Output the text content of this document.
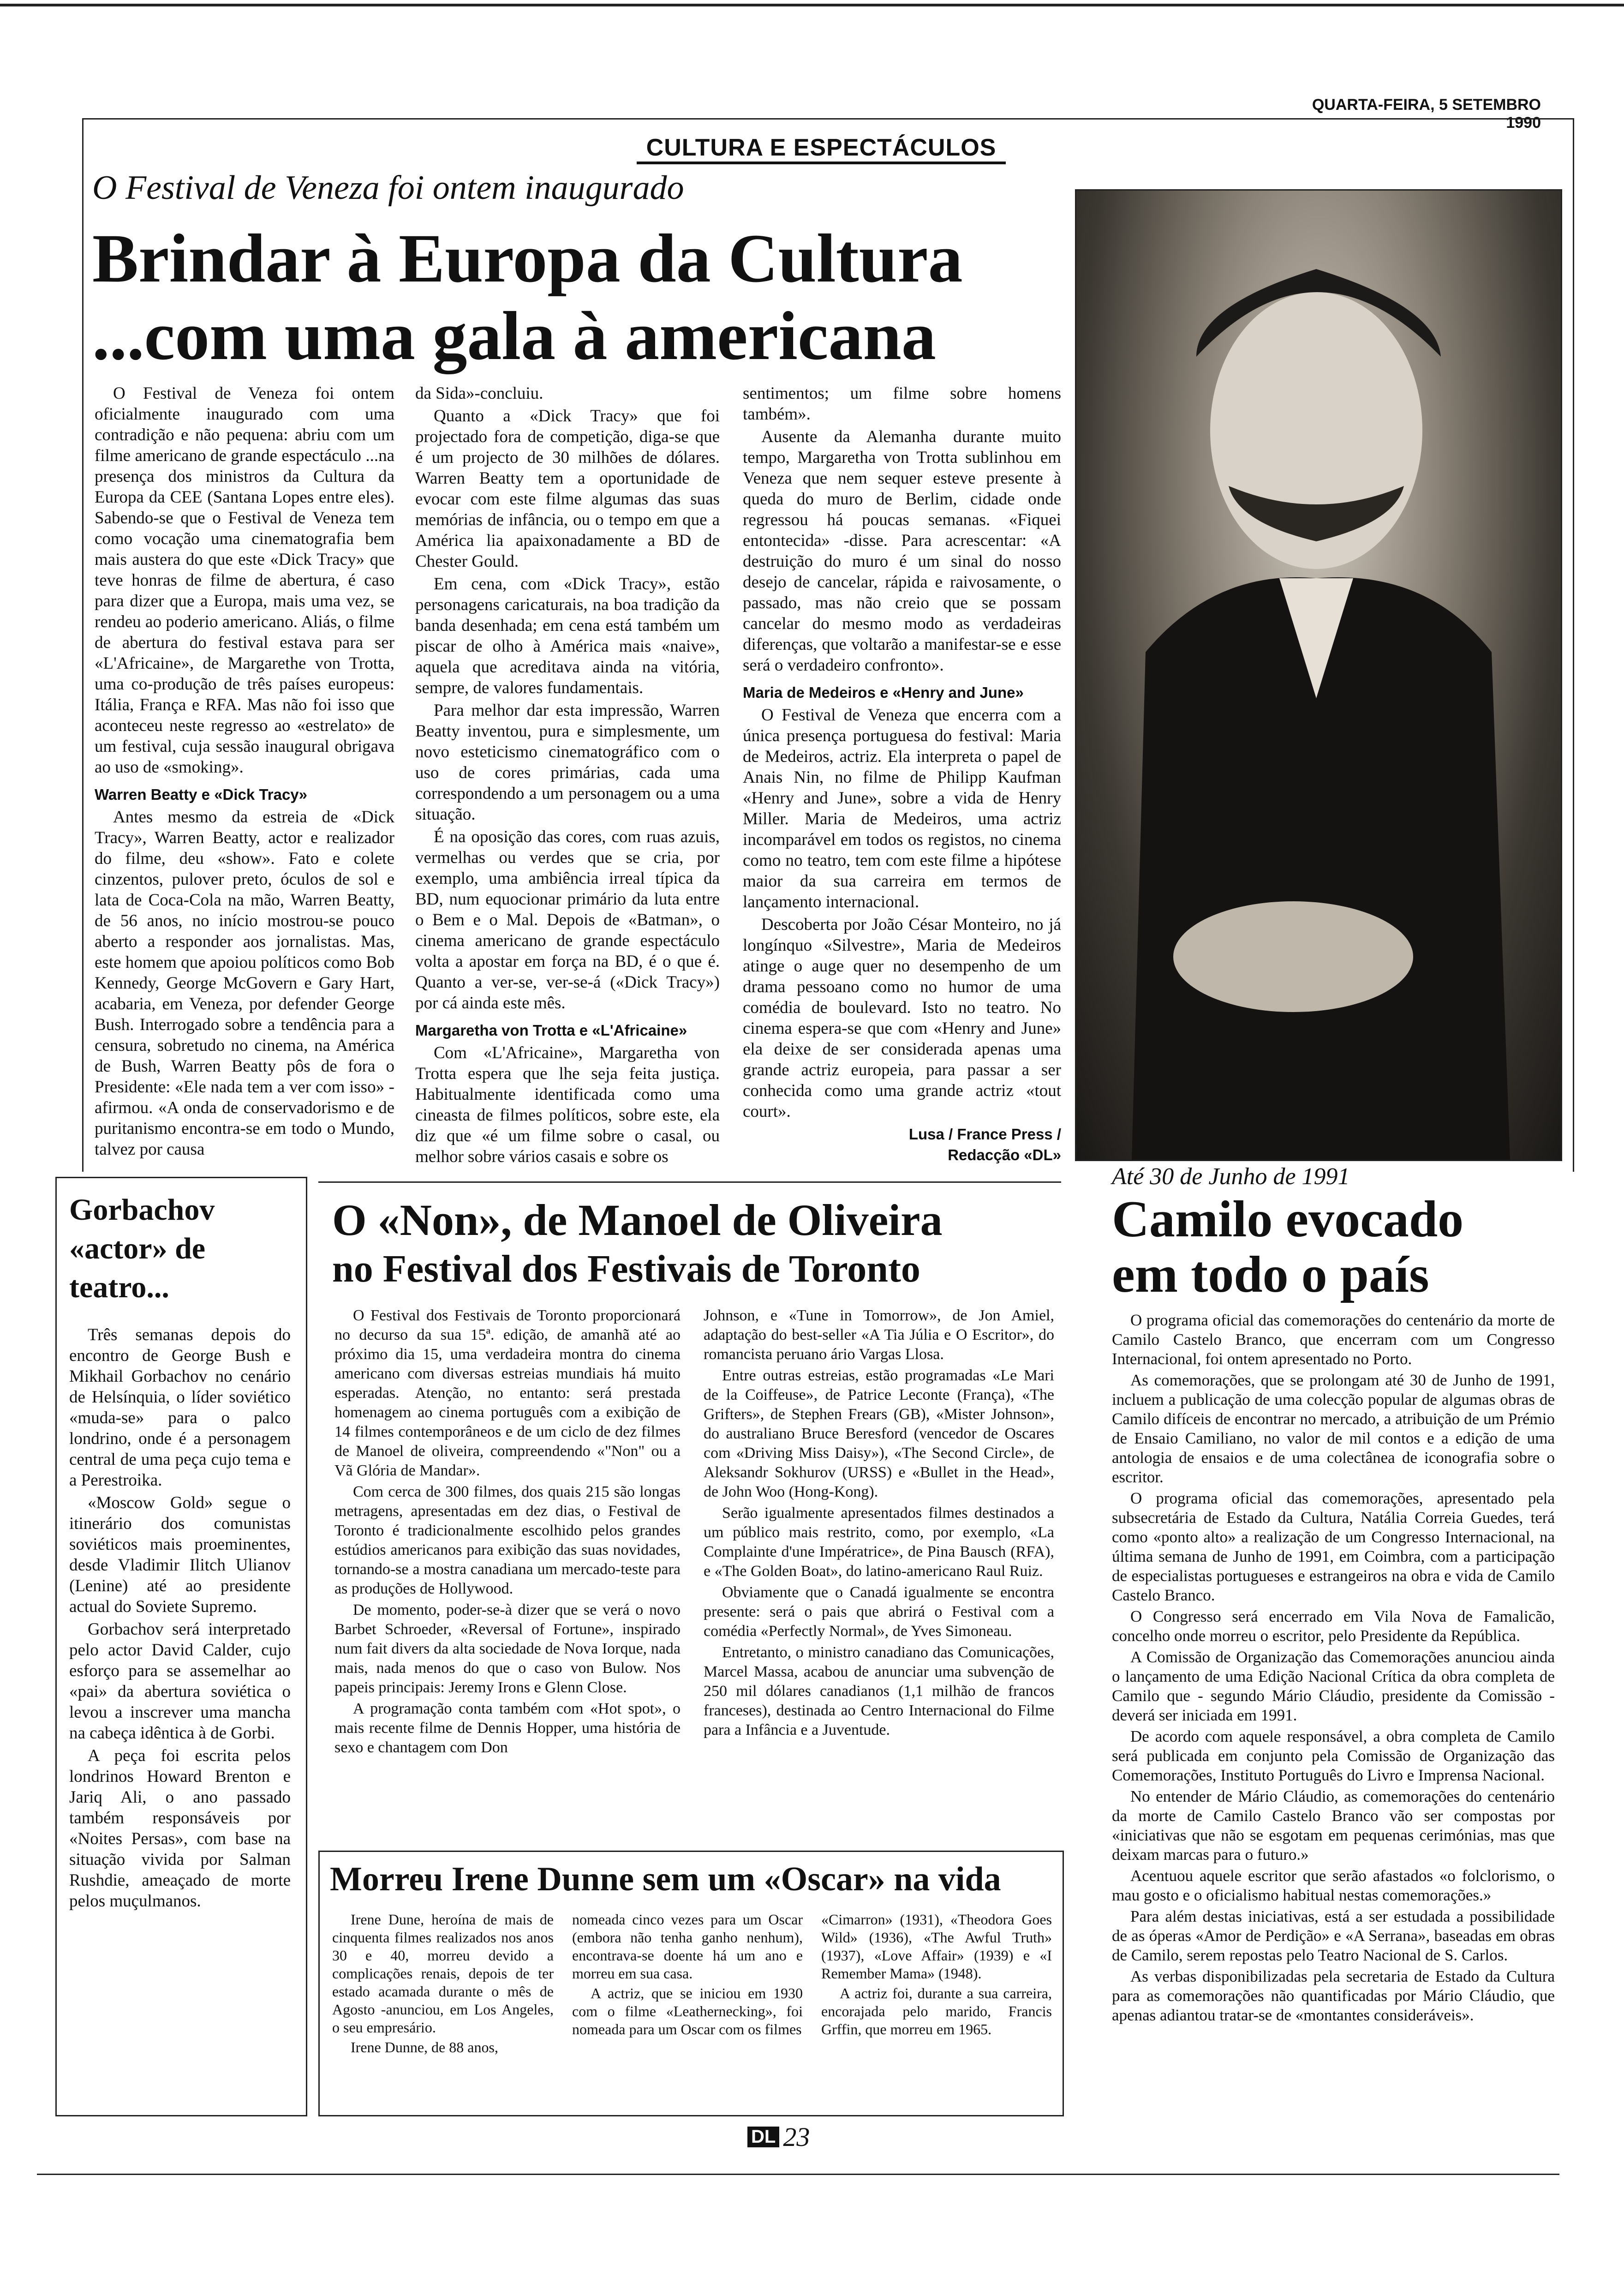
QUARTA-FEIRA, 5 SETEMBRO 1990
CULTURA E ESPECTÁCULOS
O Festival de Veneza foi ontem inaugurado
Brindar à Europa da Cultura
...com uma gala à americana

O Festival de Veneza foi ontem oficialmente inaugurado com uma contradição e não pequena: abriu com um filme americano de grande espectáculo ...na presença dos ministros da Cultura da Europa da CEE (Santana Lopes entre eles). Sabendo-se que o Festival de Veneza tem como vocação uma cinematografia bem mais austera do que este «Dick Tracy» que teve honras de filme de abertura, é caso para dizer que a Europa, mais uma vez, se rendeu ao poderio americano. Aliás, o filme de abertura do festival estava para ser «L'Africaine», de Margarethe von Trotta, uma co-produção de três países europeus: Itália, França e RFA. Mas não foi isso que aconteceu neste regresso ao «estrelato» de um festival, cuja sessão inaugural obrigava ao uso de «smoking».

Warren Beatty e «Dick Tracy»

Antes mesmo da estreia de «Dick Tracy», Warren Beatty, actor e realizador do filme, deu «show». Fato e colete cinzentos, pulover preto, óculos de sol e lata de Coca-Cola na mão, Warren Beatty, de 56 anos, no início mostrou-se pouco aberto a responder aos jornalistas. Mas, este homem que apoiou políticos como Bob Kennedy, George McGovern e Gary Hart, acabaria, em Veneza, por defender George Bush. Interrogado sobre a tendência para a censura, sobretudo no cinema, na América de Bush, Warren Beatty pôs de fora o Presidente: «Ele nada tem a ver com isso» -afirmou. «A onda de conservadorismo e de puritanismo encontra-se em todo o Mundo, talvez por causa

da Sida»-concluiu.

Quanto a «Dick Tracy» que foi projectado fora de competição, diga-se que é um projecto de 30 milhões de dólares. Warren Beatty tem a oportunidade de evocar com este filme algumas das suas memórias de infância, ou o tempo em que a América lia apaixonadamente a BD de Chester Gould.

Em cena, com «Dick Tracy», estão personagens caricaturais, na boa tradição da banda desenhada; em cena está também um piscar de olho à América mais «naive», aquela que acreditava ainda na vitória, sempre, de valores fundamentais.

Para melhor dar esta impressão, Warren Beatty inventou, pura e simplesmente, um novo esteticismo cinematográfico com o uso de cores primárias, cada uma correspondendo a um personagem ou a uma situação.

É na oposição das cores, com ruas azuis, vermelhas ou verdes que se cria, por exemplo, uma ambiência irreal típica da BD, num equocionar primário da luta entre o Bem e o Mal. Depois de «Batman», o cinema americano de grande espectáculo volta a apostar em força na BD, é o que é. Quanto a ver-se, ver-se-á («Dick Tracy») por cá ainda este mês.

Margaretha von Trotta e «L'Africaine»

Com «L'Africaine», Margaretha von Trotta espera que lhe seja feita justiça. Habitualmente identificada como uma cineasta de filmes políticos, sobre este, ela diz que «é um filme sobre o casal, ou melhor sobre vários casais e sobre os

sentimentos; um filme sobre homens também».

Ausente da Alemanha durante muito tempo, Margaretha von Trotta sublinhou em Veneza que nem sequer esteve presente à queda do muro de Berlim, cidade onde regressou há poucas semanas. «Fiquei entontecida» -disse. Para acrescentar: «A destruição do muro é um sinal do nosso desejo de cancelar, rápida e raivosamente, o passado, mas não creio que se possam cancelar do mesmo modo as verdadeiras diferenças, que voltarão a manifestar-se e esse será o verdadeiro confronto».

Maria de Medeiros e «Henry and June»

O Festival de Veneza que encerra com a única presença portuguesa do festival: Maria de Medeiros, actriz. Ela interpreta o papel de Anais Nin, no filme de Philipp Kaufman «Henry and June», sobre a vida de Henry Miller. Maria de Medeiros, uma actriz incomparável em todos os registos, no cinema como no teatro, tem com este filme a hipótese maior da sua carreira em termos de lançamento internacional.

Descoberta por João César Monteiro, no já longínquo «Silvestre», Maria de Medeiros atinge o auge quer no desempenho de um drama pessoano como no humor de uma comédia de boulevard. Isto no teatro. No cinema espera-se que com «Henry and June» ela deixe de ser considerada apenas uma grande actriz europeia, para passar a ser conhecida como uma grande actriz «tout court».

Lusa / France Press /
Redacção «DL»
Gorbachov «actor» de teatro...

Três semanas depois do encontro de George Bush e Mikhail Gorbachov no cenário de Helsínquia, o líder soviético «muda-se» para o palco londrino, onde é a personagem central de uma peça cujo tema e a Perestroika.

«Moscow Gold» segue o itinerário dos comunistas soviéticos mais proeminentes, desde Vladimir Ilitch Ulianov (Lenine) até ao presidente actual do Soviete Supremo.

Gorbachov será interpretado pelo actor David Calder, cujo esforço para se assemelhar ao «pai» da abertura soviética o levou a inscrever uma mancha na cabeça idêntica à de Gorbi.

A peça foi escrita pelos londrinos Howard Brenton e Jariq Ali, o ano passado também responsáveis por «Noites Persas», com base na situação vivida por Salman Rushdie, ameaçado de morte pelos muçulmanos.

O «Non», de Manoel de Oliveira
no Festival dos Festivais de Toronto

O Festival dos Festivais de Toronto proporcionará no decurso da sua 15ª. edição, de amanhã até ao próximo dia 15, uma verdadeira montra do cinema americano com diversas estreias mundiais há muito esperadas. Atenção, no entanto: será prestada homenagem ao cinema português com a exibição de 14 filmes contemporâneos e de um ciclo de dez filmes de Manoel de oliveira, compreendendo «"Non" ou a Vã Glória de Mandar».

Com cerca de 300 filmes, dos quais 215 são longas metragens, apresentadas em dez dias, o Festival de Toronto é tradicionalmente escolhido pelos grandes estúdios americanos para exibição das suas novidades, tornando-se a mostra canadiana um mercado-teste para as produções de Hollywood.

De momento, poder-se-à dizer que se verá o novo Barbet Schroeder, «Reversal of Fortune», inspirado num fait divers da alta sociedade de Nova Iorque, nada mais, nada menos do que o caso von Bulow. Nos papeis principais: Jeremy Irons e Glenn Close.

A programação conta também com «Hot spot», o mais recente filme de Dennis Hopper, uma história de sexo e chantagem com Don

Johnson, e «Tune in Tomorrow», de Jon Amiel, adaptação do best-seller «A Tia Júlia e O Escritor», do romancista peruano ário Vargas Llosa.

Entre outras estreias, estão programadas «Le Mari de la Coiffeuse», de Patrice Leconte (França), «The Grifters», de Stephen Frears (GB), «Mister Johnson», do australiano Bruce Beresford (vencedor de Oscares com «Driving Miss Daisy»), «The Second Circle», de Aleksandr Sokhurov (URSS) e «Bullet in the Head», de John Woo (Hong-Kong).

Serão igualmente apresentados filmes destinados a um público mais restrito, como, por exemplo, «La Complainte d'une Impératrice», de Pina Bausch (RFA), e «The Golden Boat», do latino-americano Raul Ruiz.

Obviamente que o Canadá igualmente se encontra presente: será o pais que abrirá o Festival com a comédia «Perfectly Normal», de Yves Simoneau.

Entretanto, o ministro canadiano das Comunicações, Marcel Massa, acabou de anunciar uma subvenção de 250 mil dólares canadianos (1,1 milhão de francos franceses), destinada ao Centro Internacional do Filme para a Infância e a Juventude.

Morreu Irene Dunne sem um «Oscar» na vida

Irene Dune, heroína de mais de cinquenta filmes realizados nos anos 30 e 40, morreu devido a complicações renais, depois de ter estado acamada durante o mês de Agosto -anunciou, em Los Angeles, o seu empresário.

Irene Dunne, de 88 anos,

nomeada cinco vezes para um Oscar (embora não tenha ganho nenhum), encontrava-se doente há um ano e morreu em sua casa.

A actriz, que se iniciou em 1930 com o filme «Leathernecking», foi nomeada para um Oscar com os filmes

«Cimarron» (1931), «Theodora Goes Wild» (1936), «The Awful Truth» (1937), «Love Affair» (1939) e «I Remember Mama» (1948).

A actriz foi, durante a sua carreira, encorajada pelo marido, Francis Grffin, que morreu em 1965.

Até 30 de Junho de 1991
Camilo evocado
em todo o país

O programa oficial das comemorações do centenário da morte de Camilo Castelo Branco, que encerram com um Congresso Internacional, foi ontem apresentado no Porto.

As comemorações, que se prolongam até 30 de Junho de 1991, incluem a publicação de uma colecção popular de algumas obras de Camilo difíceis de encontrar no mercado, a atribuição de um Prémio de Ensaio Camiliano, no valor de mil contos e a edição de uma antologia de ensaios e de uma colectânea de iconografia sobre o escritor.

O programa oficial das comemorações, apresentado pela subsecretária de Estado da Cultura, Natália Correia Guedes, terá como «ponto alto» a realização de um Congresso Internacional, na última semana de Junho de 1991, em Coimbra, com a participação de especialistas portugueses e estrangeiros na obra e vida de Camilo Castelo Branco.

O Congresso será encerrado em Vila Nova de Famalicão, concelho onde morreu o escritor, pelo Presidente da República.

A Comissão de Organização das Comemorações anunciou ainda o lançamento de uma Edição Nacional Crítica da obra completa de Camilo que - segundo Mário Cláudio, presidente da Comissão -deverá ser iniciada em 1991.

De acordo com aquele responsável, a obra completa de Camilo será publicada em conjunto pela Comissão de Organização das Comemorações, Instituto Português do Livro e Imprensa Nacional.

No entender de Mário Cláudio, as comemorações do centenário da morte de Camilo Castelo Branco vão ser compostas por «iniciativas que não se esgotam em pequenas cerimónias, mas que deixam marcas para o futuro.»

Acentuou aquele escritor que serão afastados «o folclorismo, o mau gosto e o oficialismo habitual nestas comemorações.»

Para além destas iniciativas, está a ser estudada a possibilidade de as óperas «Amor de Perdição» e «A Serrana», baseadas em obras de Camilo, serem repostas pelo Teatro Nacional de S. Carlos.

As verbas disponibilizadas pela secretaria de Estado da Cultura para as comemorações não quantificadas por Mário Cláudio, que apenas adiantou tratar-se de «montantes consideráveis».

DL 23
